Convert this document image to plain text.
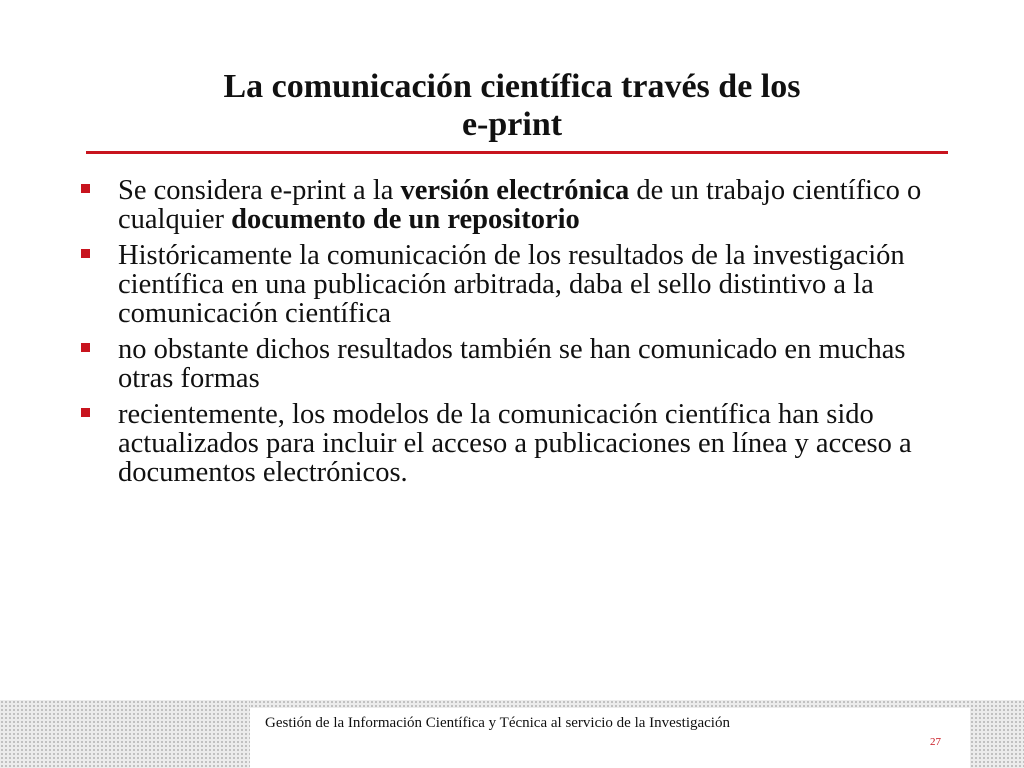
La comunicación científica través de los
e-print
Se considera e-print a la versión electrónica de un trabajo científico o cualquier documento de un repositorio
Históricamente la comunicación de los resultados de la investigación científica en una publicación arbitrada, daba el sello distintivo a la comunicación científica
no obstante dichos resultados también se han comunicado en muchas otras formas
recientemente, los modelos de la comunicación científica han sido actualizados para incluir el acceso a publicaciones en línea y acceso a documentos electrónicos.
Gestión de la Información Científica y Técnica al servicio de la Investigación
27
